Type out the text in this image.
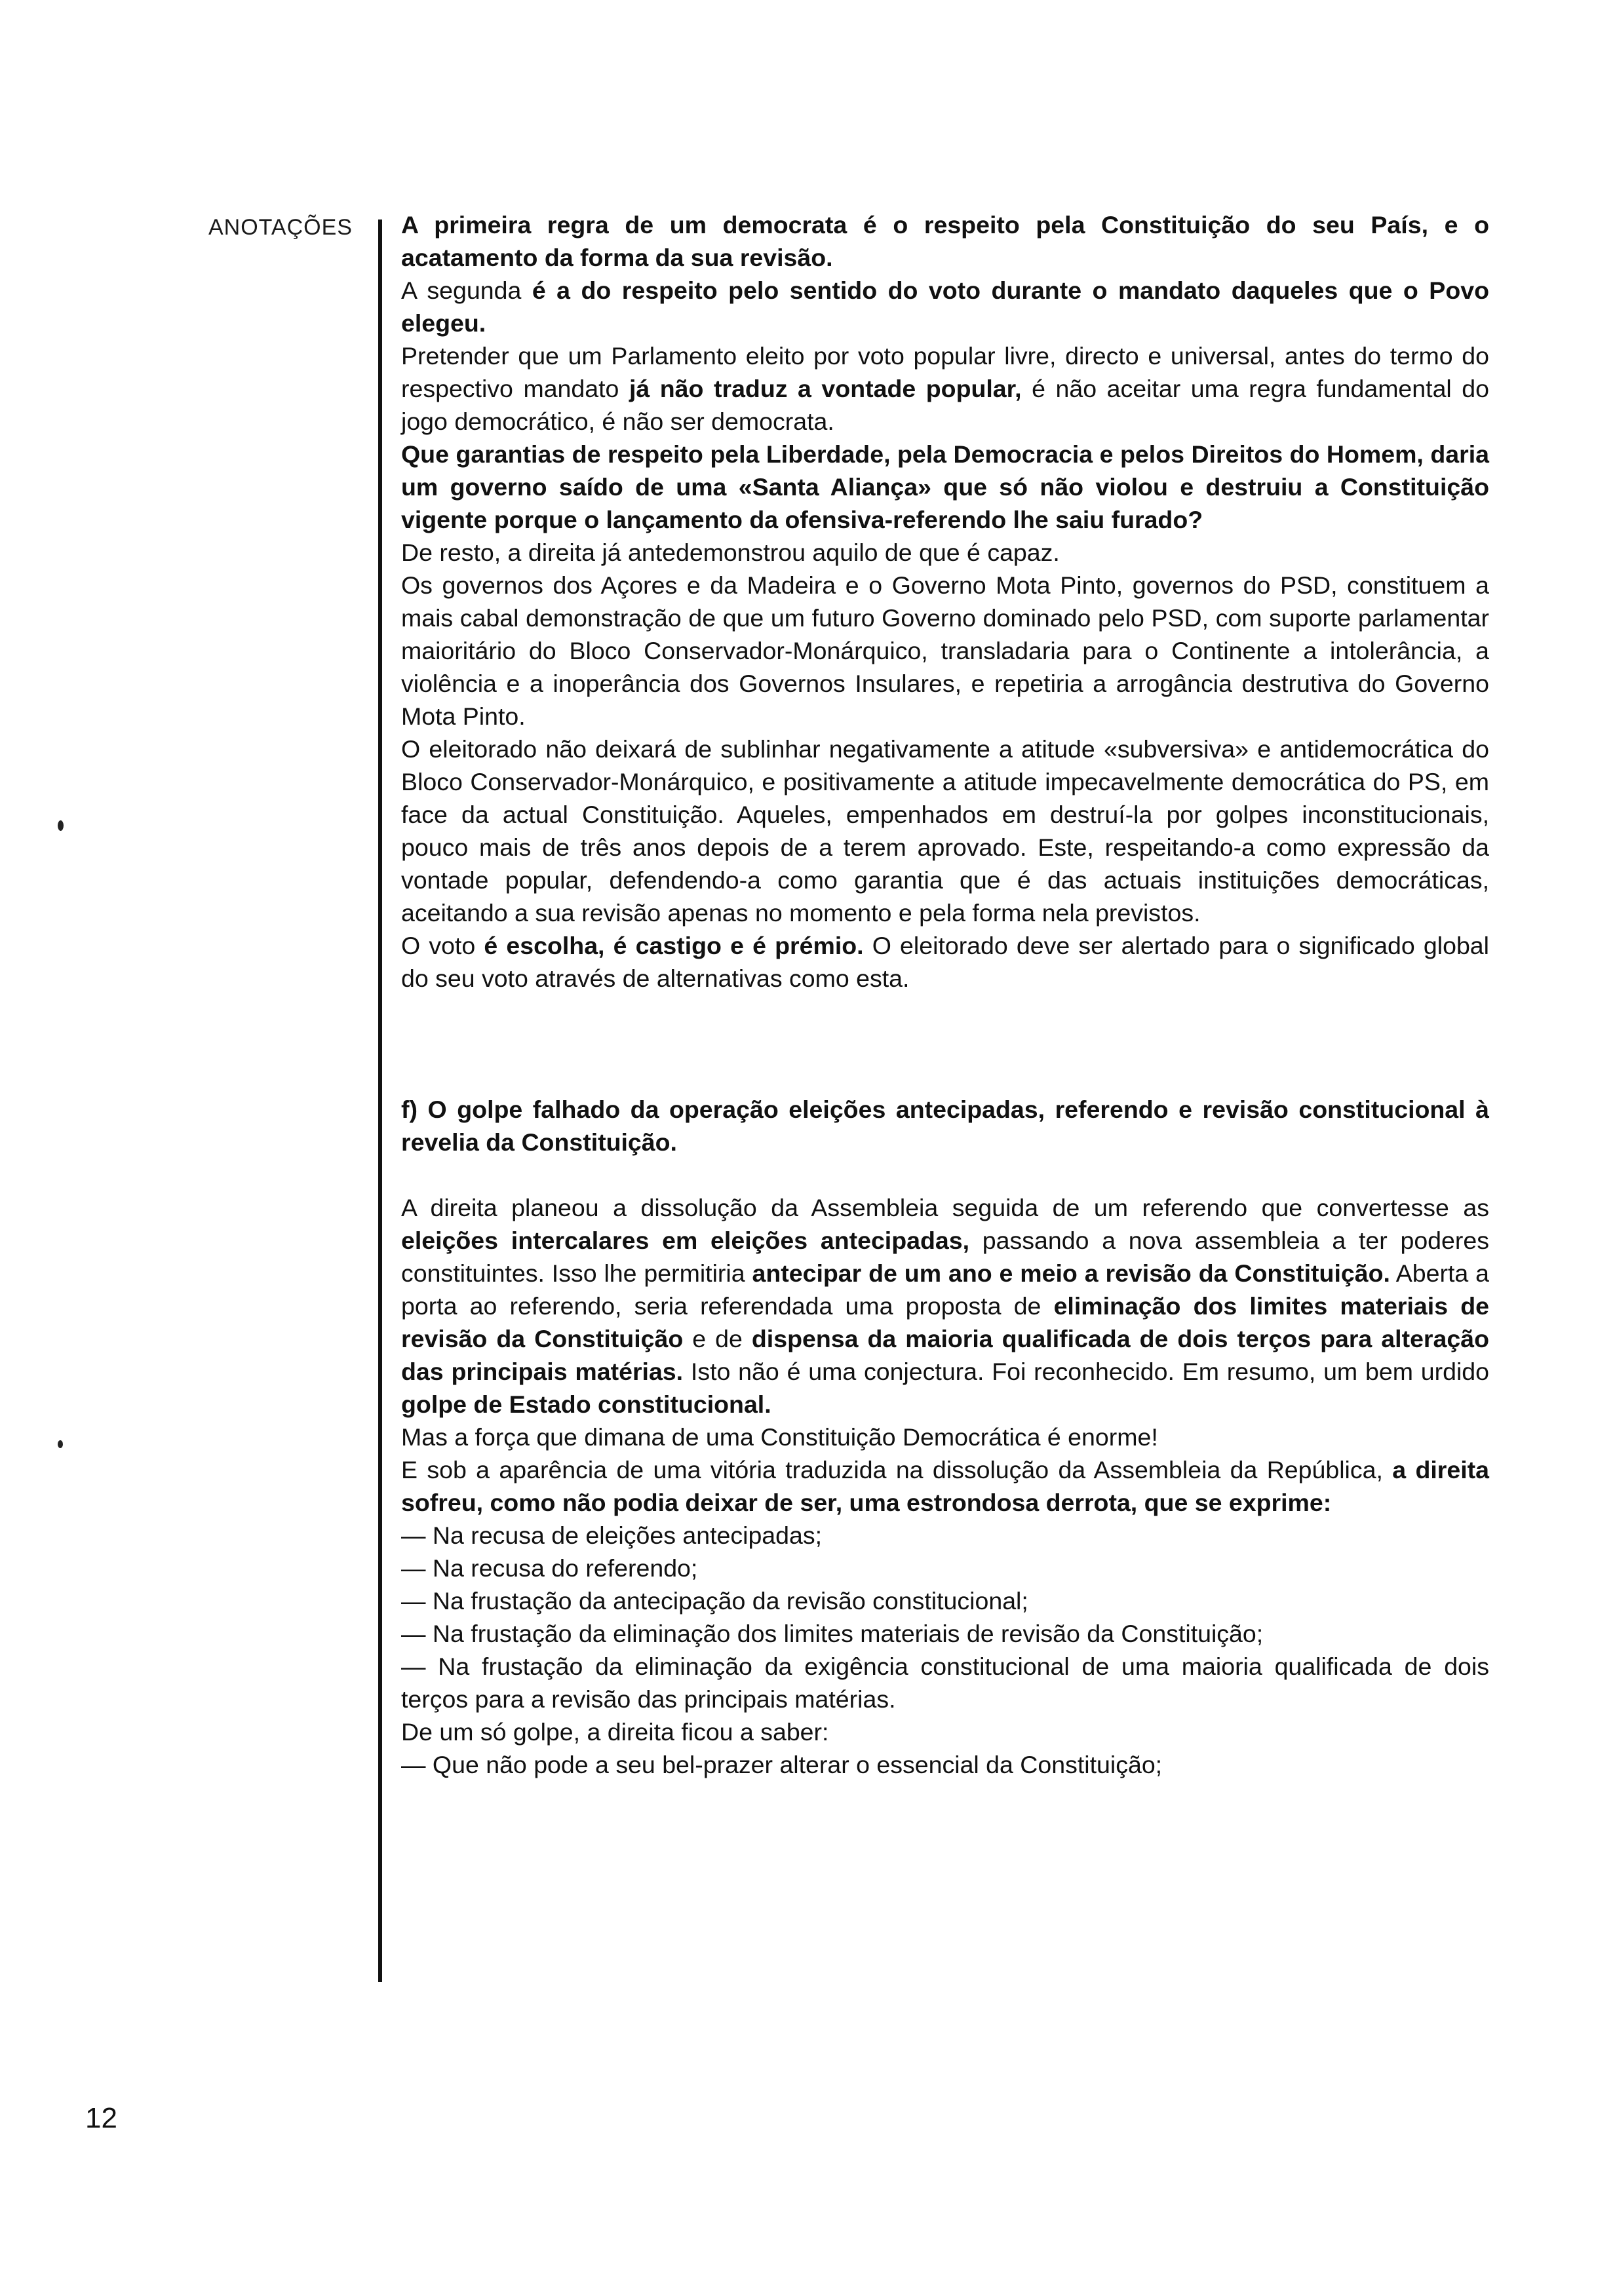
ANOTAÇÕES A primeira regra de um democrata é o respeito pela Constituição do seu País, e o acatamento da forma da sua revisão.

A segunda é a do respeito pelo sentido do voto durante o mandato daqueles que o Povo elegeu.

Pretender que um Parlamento eleito por voto popular livre, directo e universal, antes do termo do respectivo mandato já não traduz a vontade popular, é não aceitar uma regra fundamental do jogo democrático, é não ser democrata.

Que garantias de respeito pela Liberdade, pela Democracia e pelos Direitos do Homem, daria um governo saído de uma «Santa Aliança» que só não violou e destruiu a Constituição vigente porque o lançamento da ofensiva-referendo lhe saiu furado?

De resto, a direita já antedemonstrou aquilo de que é capaz.

Os governos dos Açores e da Madeira e o Governo Mota Pinto, governos do PSD, constituem a mais cabal demonstração de que um futuro Governo dominado pelo PSD, com suporte parlamentar maioritário do Bloco Conservador-Monárquico, transladaria para o Continente a intolerância, a violência e a inoperância dos Governos Insulares, e repetiria a arrogância destrutiva do Governo Mota Pinto.

O eleitorado não deixará de sublinhar negativamente a atitude «subversiva» e antidemocrática do Bloco Conservador-Monárquico, e positivamente a atitude impecavelmente democrática do PS, em face da actual Constituição. Aqueles, empenhados em destruí-la por golpes inconstitucionais, pouco mais de três anos depois de a terem aprovado. Este, respeitando-a como expressão da vontade popular, defendendo-a como garantia que é das actuais instituições democráticas, aceitando a sua revisão apenas no momento e pela forma nela previstos.

O voto é escolha, é castigo e é prémio. O eleitorado deve ser alertado para o significado global do seu voto através de alternativas como esta.

f) O golpe falhado da operação eleições antecipadas, referendo e revisão constitucional à revelia da Constituição.

A direita planeou a dissolução da Assembleia seguida de um referendo que convertesse as eleições intercalares em eleições antecipadas, passando a nova assembleia a ter poderes constituintes. Isso lhe permitiria antecipar de um ano e meio a revisão da Constituição. Aberta a porta ao referendo, seria referendada uma proposta de eliminação dos limites materiais de revisão da Constituição e de dispensa da maioria qualificada de dois terços para alteração das principais matérias. Isto não é uma conjectura. Foi reconhecido. Em resumo, um bem urdido golpe de Estado constitucional.

Mas a força que dimana de uma Constituição Democrática é enorme!

E sob a aparência de uma vitória traduzida na dissolução da Assembleia da República, a direita sofreu, como não podia deixar de ser, uma estrondosa derrota, que se exprime:

— Na recusa de eleições antecipadas;

— Na recusa do referendo;

— Na frustação da antecipação da revisão constitucional;

— Na frustação da eliminação dos limites materiais de revisão da Constituição;

— Na frustação da eliminação da exigência constitucional de uma maioria qualificada de dois terços para a revisão das principais matérias.

De um só golpe, a direita ficou a saber:

— Que não pode a seu bel-prazer alterar o essencial da Constituição;

12
